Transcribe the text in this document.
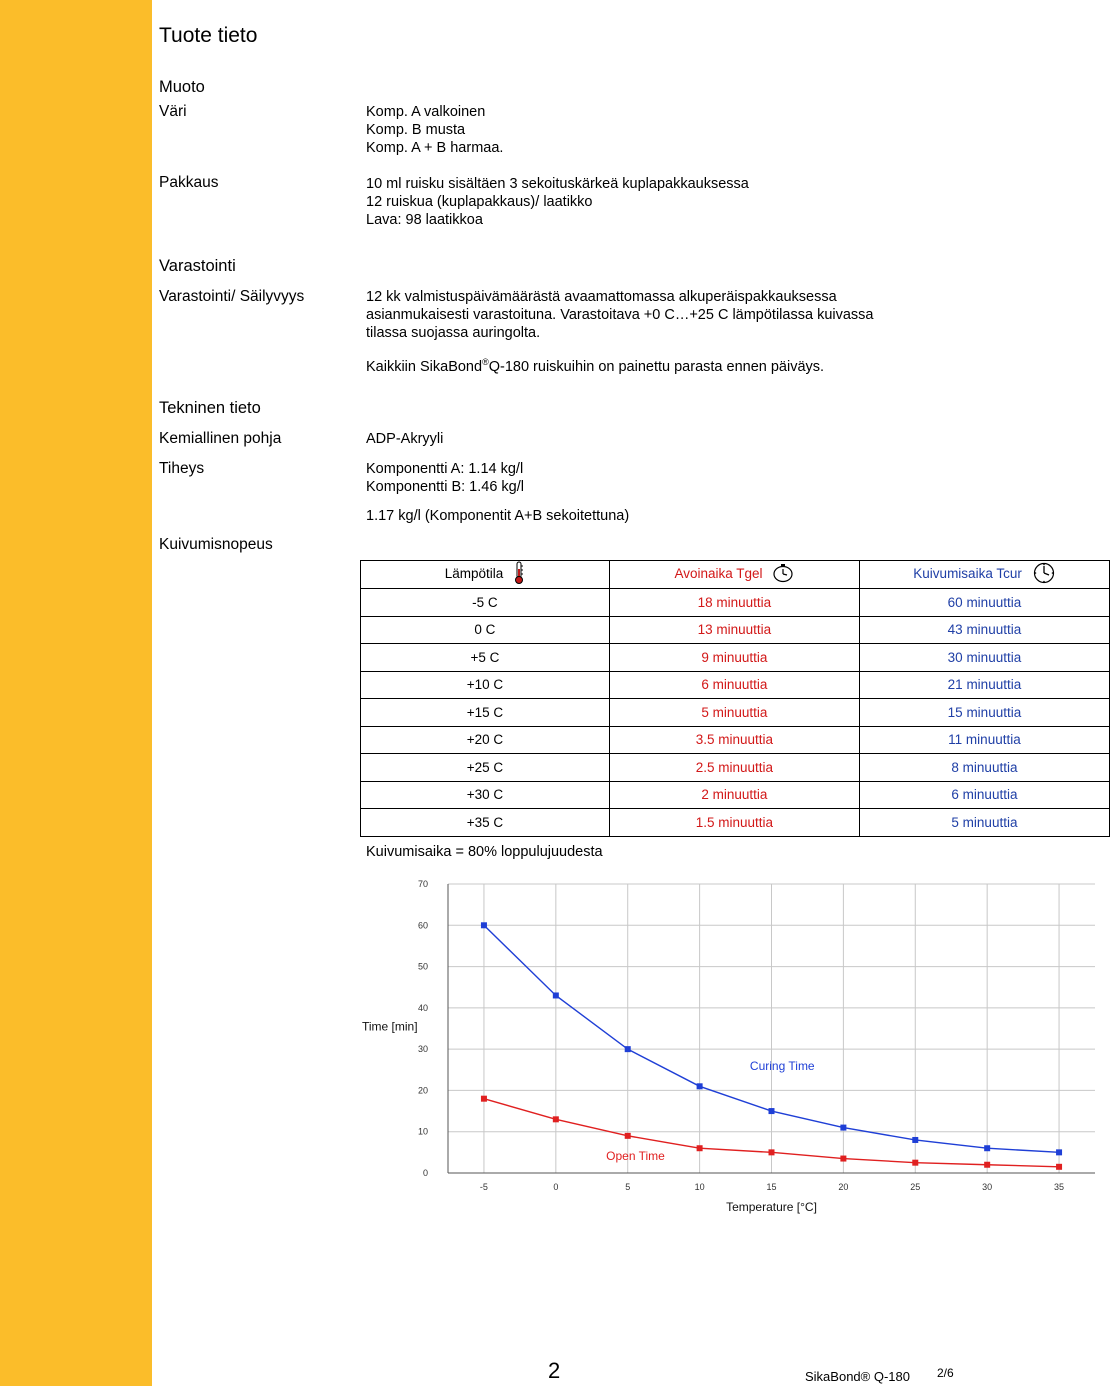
Tuote tieto
Muoto
Väri	Komp. A valkoinen
Komp. B musta
Komp. A + B harmaa.
Pakkaus	10 ml ruisku sisältäen 3 sekoituskärkeä kuplapakkauksessa
12 ruiskua (kuplapakkaus)/ laatikko
Lava: 98 laatikkoa
Varastointi
Varastointi/ Säilyvyys	12 kk valmistuspäivämäärästä avaamattomassa alkuperäispakkauksessa
asianmukaisesti varastoituna. Varastoitava +0 C…+25 C lämpötilassa kuivassa
tilassa suojassa auringolta.
Kaikkiin SikaBond®Q-180 ruiskuihin on painettu parasta ennen päiväys.
Tekninen tieto
Kemiallinen pohja	ADP-Akryyli
Tiheys	Komponentti A: 1.14 kg/l
Komponentti B: 1.46 kg/l
1.17 kg/l (Komponentit A+B sekoitettuna)
Kuivumisnopeus
Lämpötila	Avoinaika Tgel	Kuivumisaika Tcur
-5 C	18 minuuttia	60 minuuttia
0 C	13 minuuttia	43 minuuttia
+5 C	9 minuuttia	30 minuuttia
+10 C	6 minuuttia	21 minuuttia
+15 C	5 minuuttia	15 minuuttia
+20 C	3.5 minuuttia	11 minuuttia
+25 C	2.5 minuuttia	8 minuuttia
+30 C	2 minuuttia	6 minuuttia
+35 C	1.5 minuuttia	5 minuuttia
Kuivumisaika = 80% loppulujuudesta
0
10
20
30
40
50
60
70
-5	0	5	10	15	20	25	30	35
Time [min]
Temperature [°C]
Curing Time
Open Time
2	SikaBond® Q-180 2/6
